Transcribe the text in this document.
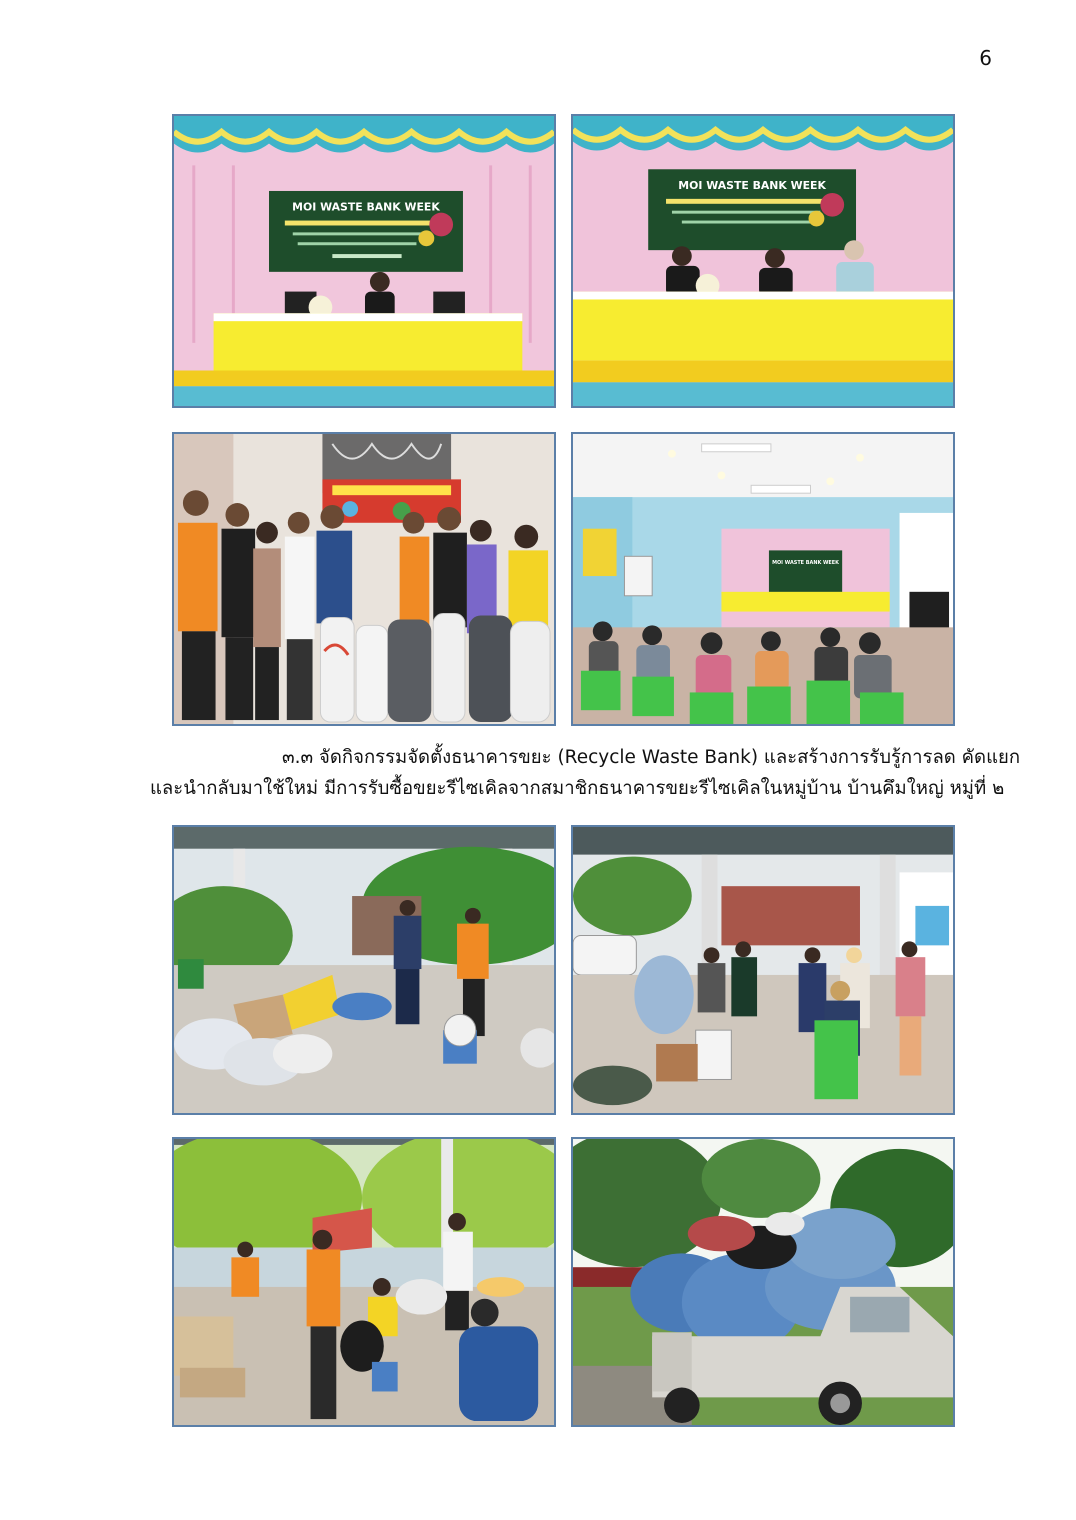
6
MOI WASTE BANK WEEK
MOI WASTE BANK WEEK
MOI WASTE BANK WEEK
๓.๓ จัดกิจกรรมจัดตั้งธนาคารขยะ (Recycle Waste Bank) และสร้างการรับรู้การลด คัดแยก
และนำกลับมาใช้ใหม่ มีการรับซื้อขยะรีไซเคิลจากสมาชิกธนาคารขยะรีไซเคิลในหมู่บ้าน บ้านคึมใหญ่ หมู่ที่ ๒
